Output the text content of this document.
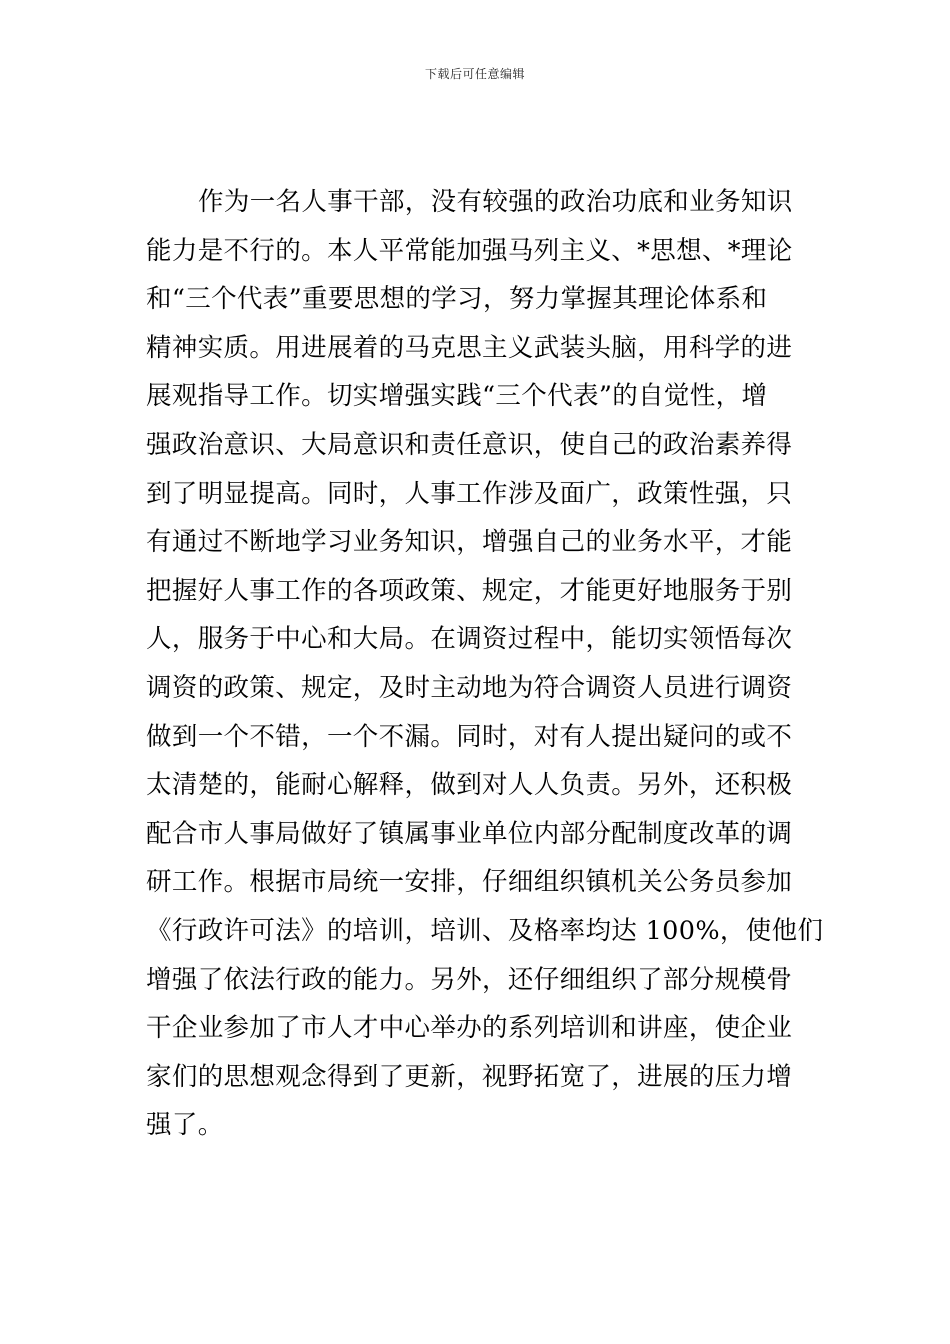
下载后可任意编辑
作为一名人事干部，没有较强的政治功底和业务知识
能力是不行的。本人平常能加强马列主义、*思想、*理论
和“三个代表”重要思想的学习，努力掌握其理论体系和
精神实质。用进展着的马克思主义武装头脑，用科学的进
展观指导工作。切实增强实践“三个代表”的自觉性，增
强政治意识、大局意识和责任意识，使自己的政治素养得
到了明显提高。同时，人事工作涉及面广，政策性强，只
有通过不断地学习业务知识，增强自己的业务水平，才能
把握好人事工作的各项政策、规定，才能更好地服务于别
人，服务于中心和大局。在调资过程中，能切实领悟每次
调资的政策、规定，及时主动地为符合调资人员进行调资
做到一个不错，一个不漏。同时，对有人提出疑问的或不
太清楚的，能耐心解释，做到对人人负责。另外，还积极
配合市人事局做好了镇属事业单位内部分配制度改革的调
研工作。根据市局统一安排，仔细组织镇机关公务员参加
《行政许可法》的培训，培训、及格率均达 100%，使他们
增强了依法行政的能力。另外，还仔细组织了部分规模骨
干企业参加了市人才中心举办的系列培训和讲座，使企业
家们的思想观念得到了更新，视野拓宽了，进展的压力增
强了。
